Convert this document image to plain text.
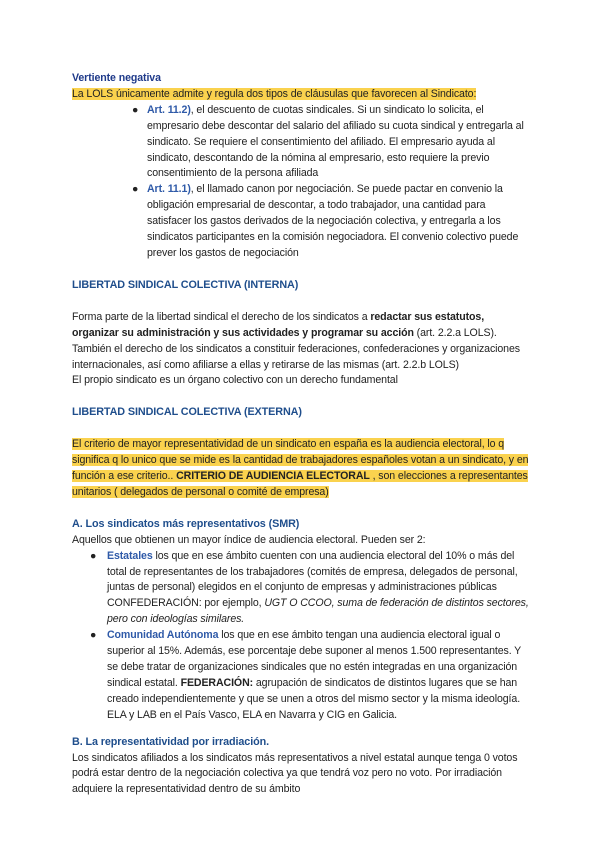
Vertiente negativa
La LOLS únicamente admite y regula dos tipos de cláusulas que favorecen al Sindicato:
● Art. 11.2), el descuento de cuotas sindicales. Si un sindicato lo solicita, el empresario debe descontar del salario del afiliado su cuota sindical y entregarla al sindicato. Se requiere el consentimiento del afiliado. El empresario ayuda al sindicato, descontando de la nómina al empresario, esto requiere la previo consentimiento de la persona afiliada
● Art. 11.1), el llamado canon por negociación. Se puede pactar en convenio la obligación empresarial de descontar, a todo trabajador, una cantidad para satisfacer los gastos derivados de la negociación colectiva, y entregarla a los sindicatos participantes en la comisión negociadora. El convenio colectivo puede prever los gastos de negociación
LIBERTAD SINDICAL COLECTIVA (INTERNA)
Forma parte de la libertad sindical el derecho de los sindicatos a redactar sus estatutos, organizar su administración y sus actividades y programar su acción (art. 2.2.a LOLS).
También el derecho de los sindicatos a constituir federaciones, confederaciones y organizaciones internacionales, así como afiliarse a ellas y retirarse de las mismas (art. 2.2.b LOLS)
El propio sindicato es un órgano colectivo con un derecho fundamental
LIBERTAD SINDICAL COLECTIVA (EXTERNA)
El criterio de mayor representatividad de un sindicato en españa es la audiencia electoral, lo q significa q lo unico que se mide es la cantidad de trabajadores españoles votan a un sindicato, y en función a ese criterio.. CRITERIO DE AUDIENCIA ELECTORAL , son elecciones a representantes unitarios ( delegados de personal o comité de empresa)
A. Los sindicatos más representativos (SMR)
Aquellos que obtienen un mayor índice de audiencia electoral. Pueden ser 2:
● Estatales los que en ese ámbito cuenten con una audiencia electoral del 10% o más del total de representantes de los trabajadores (comités de empresa, delegados de personal, juntas de personal) elegidos en el conjunto de empresas y administraciones públicas CONFEDERACIÓN: por ejemplo, UGT O CCOO, suma de federación de distintos sectores, pero con ideologías similares.
● Comunidad Autónoma los que en ese ámbito tengan una audiencia electoral igual o superior al 15%. Además, ese porcentaje debe suponer al menos 1.500 representantes. Y se debe tratar de organizaciones sindicales que no estén integradas en una organización sindical estatal. FEDERACIÓN: agrupación de sindicatos de distintos lugares que se han creado independientemente y que se unen a otros del mismo sector y la misma ideología. ELA y LAB en el País Vasco, ELA en Navarra y CIG en Galicia.
B. La representatividad por irradiación.
Los sindicatos afiliados a los sindicatos más representativos a nivel estatal aunque tenga 0 votos podrá estar dentro de la negociación colectiva ya que tendrá voz pero no voto. Por irradiación adquiere la representatividad dentro de su ámbito
